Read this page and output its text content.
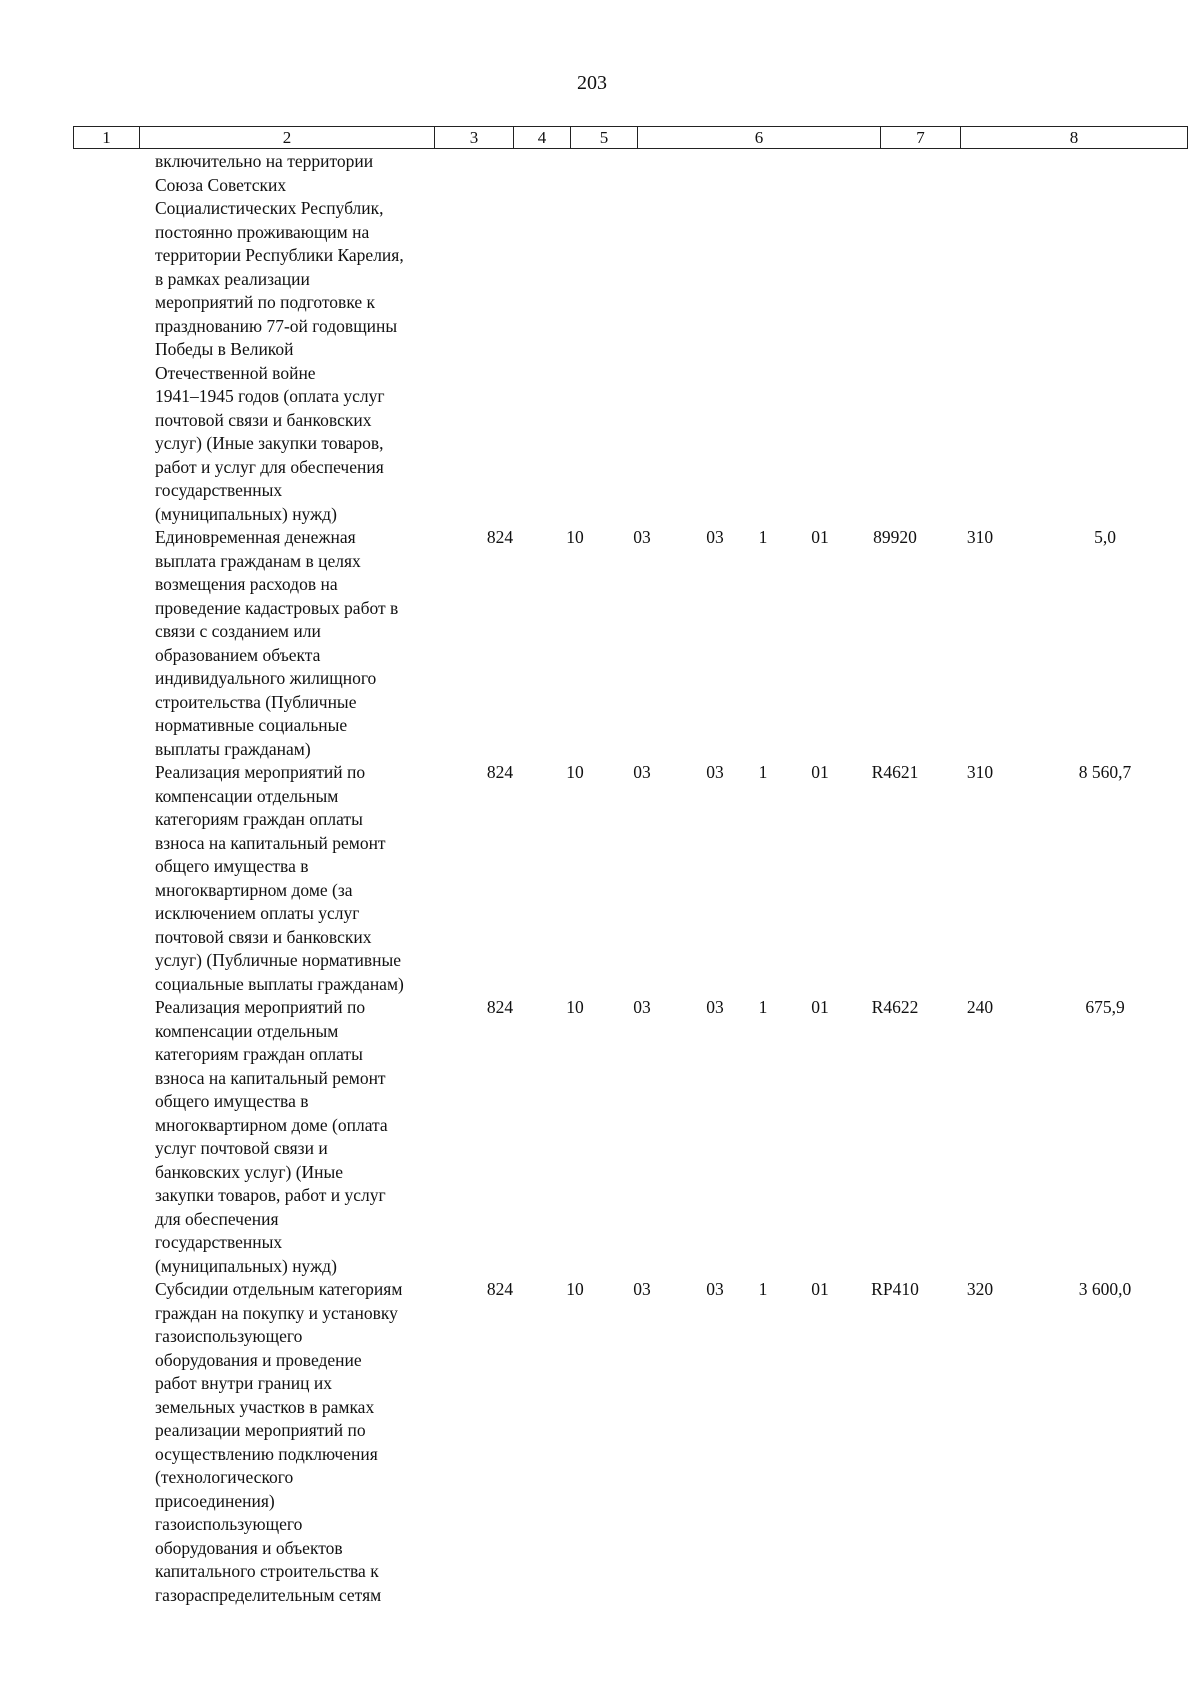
203
1	2	3	4	5	6	7	8
включительно на территории
Союза Советских
Социалистических Республик,
постоянно проживающим на
территории Республики Карелия,
в рамках реализации
мероприятий по подготовке к
празднованию 77-ой годовщины
Победы в Великой
Отечественной войне
1941–1945 годов (оплата услуг
почтовой связи и банковских
услуг) (Иные закупки товаров,
работ и услуг для обеспечения
государственных
(муниципальных) нужд)
Единовременная денежная
выплата гражданам в целях
возмещения расходов на
проведение кадастровых работ в
связи с созданием или
образованием объекта
индивидуального жилищного
строительства (Публичные
нормативные социальные
выплаты гражданам)
824	10	03	03	1	01	89920	310	5,0
Реализация мероприятий по
компенсации отдельным
категориям граждан оплаты
взноса на капитальный ремонт
общего имущества в
многоквартирном доме (за
исключением оплаты услуг
почтовой связи и банковских
услуг) (Публичные нормативные
социальные выплаты гражданам)
824	10	03	03	1	01	R4621	310	8 560,7
Реализация мероприятий по
компенсации отдельным
категориям граждан оплаты
взноса на капитальный ремонт
общего имущества в
многоквартирном доме (оплата
услуг почтовой связи и
банковских услуг) (Иные
закупки товаров, работ и услуг
для обеспечения
государственных
(муниципальных) нужд)
824	10	03	03	1	01	R4622	240	675,9
Субсидии отдельным категориям
граждан на покупку и установку
газоиспользующего
оборудования и проведение
работ внутри границ их
земельных участков в рамках
реализации мероприятий по
осуществлению подключения
(технологического
присоединения)
газоиспользующего
оборудования и объектов
капитального строительства к
газораспределительным сетям
824	10	03	03	1	01	RP410	320	3 600,0
